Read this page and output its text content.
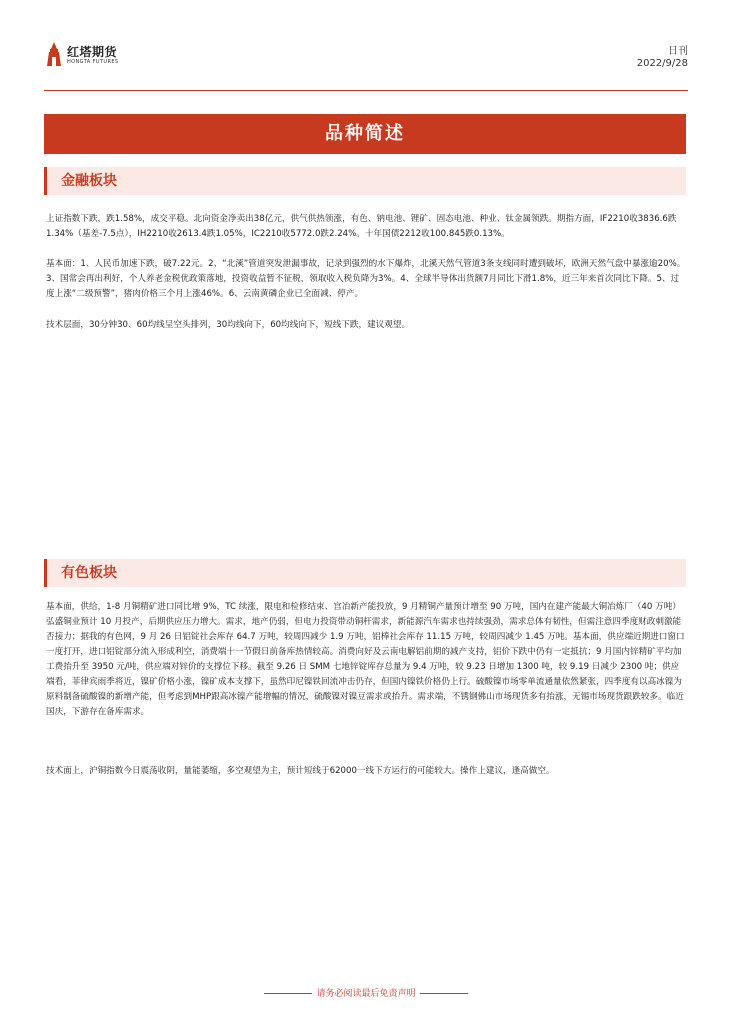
红塔期货
HONGTA FUTURES
日刊
2022/9/28
品种简述
金融板块

上证指数下跌，跌1.58%，成交平稳。北向资金净卖出38亿元，供气供热领涨，有色、钠电池、锂矿、固态电池、种业、钛金属领跌。期指方面，IF2210收3836.6跌1.34%（基差-7.5点），IH2210收2613.4跌1.05%，IC2210收5772.0跌2.24%。十年国债2212收100.845跌0.13%。

基本面：1、人民币加速下跌，破7.22元。2、“北溪”管道突发泄漏事故，记录到强烈的水下爆炸，北溪天然气管道3条支线同时遭到破坏，欧洲天然气盘中暴涨逾20%。3、国常会再出利好，个人养老金税优政策落地，投资收益暂不征税，领取收入税负降为3%。4、全球半导体出货额7月同比下滑1.8%，近三年来首次同比下降。5、过度上涨“二级预警”，猪肉价格三个月上涨46%。6、云南黄磷企业已全面减、停产。

技术层面，30分钟30、60均线呈空头排列，30均线向下，60均线向下，短线下跌，建议观望。

有色板块

基本面，供给，1-8 月铜精矿进口同比增 9%，TC 续涨，限电和检修结束、宫冶新产能投放，9 月精铜产量预计增至 90 万吨，国内在建产能最大铜冶炼厂（40 万吨）弘盛铜业预计 10 月投产，后期供应压力增大。需求，地产仍弱，但电力投资带动铜杆需求，新能源汽车需求也持续强劲，需求总体有韧性，但需注意四季度财政刺激能否接力；据我的有色网，9 月 26 日铝锭社会库存 64.7 万吨，较周四减少 1.9 万吨，铝棒社会库存 11.15 万吨，较周四减少 1.45 万吨。基本面，供应端近期进口窗口一度打开，进口铝锭部分流入形成利空，消费端十一节假日前备库热情较高。消费向好及云南电解铝前期的减产支持，铝价下跌中仍有一定抵抗；9 月国内锌精矿平均加工费抬升至 3950 元/吨，供应端对锌价的支撑位下移。截至 9.26 日 SMM 七地锌锭库存总量为 9.4 万吨，较 9.23 日增加 1300 吨，较 9.19 日减少 2300 吨；供应端看，菲律宾雨季将近，镍矿价格小涨，镍矿成本支撑下，虽然印尼镍铁回流冲击仍存，但国内镍铁价格仍上行。硫酸镍市场零单流通量依然紧张，四季度有以高冰镍为原料制备硫酸镍的新增产能，但考虑到MHP跟高冰镍产能增幅的情况，硫酸镍对镍豆需求或抬升。需求端，不锈钢佛山市场现货多有抬涨，无锡市场现货跟跌较多。临近国庆，下游存在备库需求。

技术面上，沪铜指数今日震荡收阴，量能萎缩，多空观望为主，预计短线于62000一线下方运行的可能较大。操作上建议，逢高做空。

请务必阅读最后免责声明
